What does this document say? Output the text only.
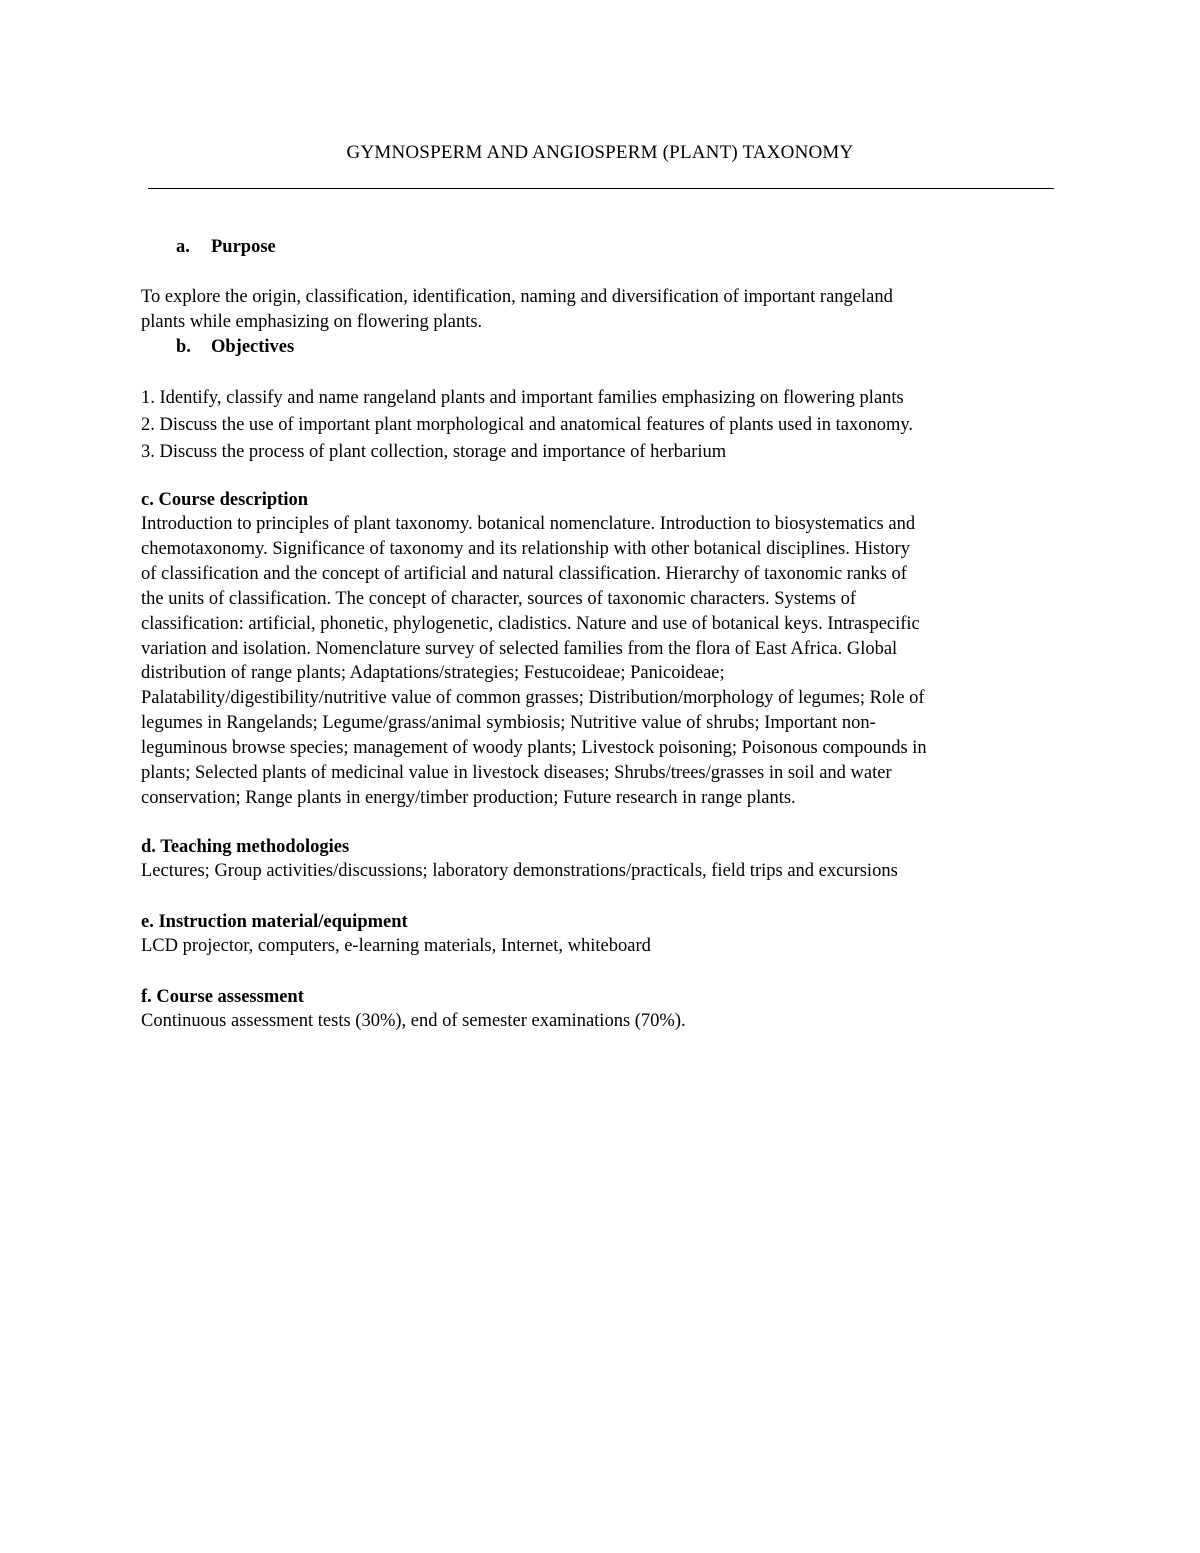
GYMNOSPERM AND ANGIOSPERM (PLANT) TAXONOMY
a. Purpose
To explore the origin, classification, identification, naming and diversification of important rangeland
plants while emphasizing on flowering plants.
b. Objectives
1. Identify, classify and name rangeland plants and important families emphasizing on flowering plants
2. Discuss the use of important plant morphological and anatomical features of plants used in taxonomy.
3. Discuss the process of plant collection, storage and importance of herbarium
c. Course description
Introduction to principles of plant taxonomy. botanical nomenclature. Introduction to biosystematics and
chemotaxonomy. Significance of taxonomy and its relationship with other botanical disciplines. History
of classification and the concept of artificial and natural classification. Hierarchy of taxonomic ranks of
the units of classification. The concept of character, sources of taxonomic characters. Systems of
classification: artificial, phonetic, phylogenetic, cladistics. Nature and use of botanical keys. Intraspecific
variation and isolation. Nomenclature survey of selected families from the flora of East Africa. Global
distribution of range plants; Adaptations/strategies; Festucoideae; Panicoideae;
Palatability/digestibility/nutritive value of common grasses; Distribution/morphology of legumes; Role of
legumes in Rangelands; Legume/grass/animal symbiosis; Nutritive value of shrubs; Important non-
leguminous browse species; management of woody plants; Livestock poisoning; Poisonous compounds in
plants; Selected plants of medicinal value in livestock diseases; Shrubs/trees/grasses in soil and water
conservation; Range plants in energy/timber production; Future research in range plants.
d. Teaching methodologies
Lectures; Group activities/discussions; laboratory demonstrations/practicals, field trips and excursions
e. Instruction material/equipment
LCD projector, computers, e-learning materials, Internet, whiteboard
f. Course assessment
Continuous assessment tests (30%), end of semester examinations (70%).
